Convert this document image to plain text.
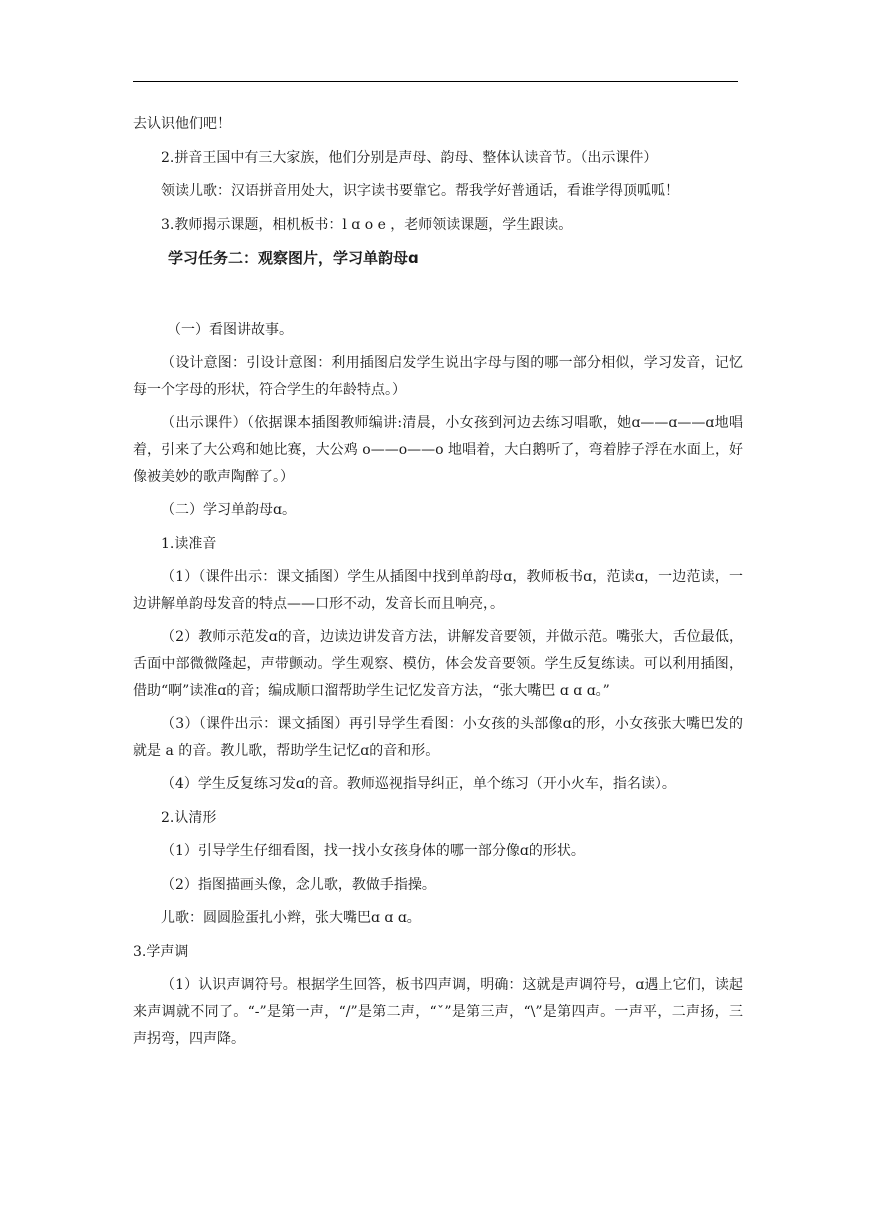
去认识他们吧！
2.拼音王国中有三大家族，他们分别是声母、韵母、整体认读音节。（出示课件）
领读儿歌：汉语拼音用处大，识字读书要靠它。帮我学好普通话，看谁学得顶呱呱！
3.教师揭示课题，相机板书：l ɑ o e ，老师领读课题，学生跟读。
学习任务二：观察图片，学习单韵母ɑ
（一）看图讲故事。
（设计意图：引设计意图：利用插图启发学生说出字母与图的哪一部分相似，学习发音，记忆每一个字母的形状，符合学生的年龄特点。）
（出示课件）（依据课本插图教师编讲:清晨，小女孩到河边去练习唱歌，她ɑ——ɑ——ɑ地唱着，引来了大公鸡和她比赛，大公鸡 o——o——o 地唱着，大白鹅听了，弯着脖子浮在水面上，好像被美妙的歌声陶醉了。）
（二）学习单韵母ɑ。
1.读准音
（1）（课件出示：课文插图）学生从插图中找到单韵母ɑ，教师板书ɑ，范读ɑ，一边范读，一边讲解单韵母发音的特点——口形不动，发音长而且响亮，。
（2）教师示范发ɑ的音，边读边讲发音方法，讲解发音要领，并做示范。嘴张大，舌位最低，舌面中部微微隆起，声带颤动。学生观察、模仿，体会发音要领。学生反复练读。可以利用插图，借助“啊”读准ɑ的音；编成顺口溜帮助学生记忆发音方法，“张大嘴巴 ɑ ɑ ɑ。”
（3）（课件出示：课文插图）再引导学生看图：小女孩的头部像ɑ的形，小女孩张大嘴巴发的就是 a 的音。教儿歌，帮助学生记忆ɑ的音和形。
（4）学生反复练习发ɑ的音。教师巡视指导纠正，单个练习（开小火车，指名读）。
2.认清形
（1）引导学生仔细看图，找一找小女孩身体的哪一部分像ɑ的形状。
（2）指图描画头像，念儿歌，教做手指操。
儿歌：圆圆脸蛋扎小辫，张大嘴巴ɑ ɑ ɑ。
3.学声调
（1）认识声调符号。根据学生回答，板书四声调，明确：这就是声调符号，ɑ遇上它们，读起来声调就不同了。“-”是第一声，“/”是第二声，“ˇ”是第三声，“\”是第四声。一声平，二声扬，三声拐弯，四声降。
